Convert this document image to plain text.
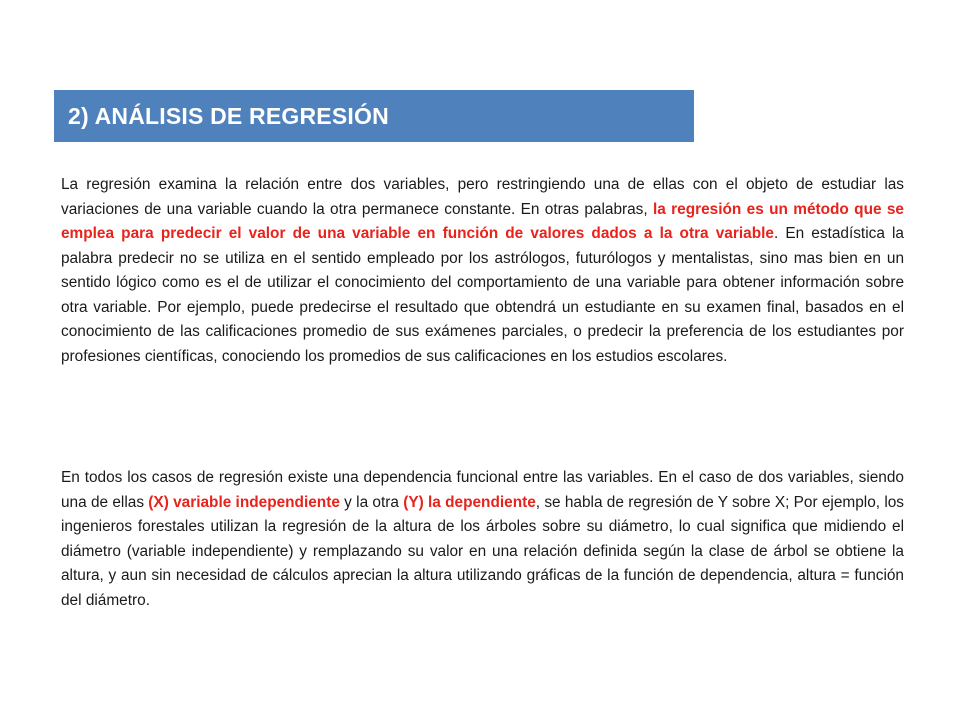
2) ANÁLISIS DE REGRESIÓN

La regresión examina la relación entre dos variables, pero restringiendo una de ellas con el objeto de estudiar las variaciones de una variable cuando la otra permanece constante. En otras palabras, la regresión es un método que se emplea para predecir el valor de una variable en función de valores dados a la otra variable. En estadística la palabra predecir no se utiliza en el sentido empleado por los astrólogos, futurólogos y mentalistas, sino mas bien en un sentido lógico como es el de utilizar el conocimiento del comportamiento de una variable para obtener información sobre otra variable. Por ejemplo, puede predecirse el resultado que obtendrá un estudiante en su examen final, basados en el conocimiento de las calificaciones promedio de sus exámenes parciales, o predecir la preferencia de los estudiantes por profesiones científicas, conociendo los promedios de sus calificaciones en los estudios escolares.

En todos los casos de regresión existe una dependencia funcional entre las variables. En el caso de dos variables, siendo una de ellas (X) variable independiente y la otra (Y) la dependiente, se habla de regresión de Y sobre X; Por ejemplo, los ingenieros forestales utilizan la regresión de la altura de los árboles sobre su diámetro, lo cual significa que midiendo el diámetro (variable independiente) y remplazando su valor en una relación definida según la clase de árbol se obtiene la altura, y aun sin necesidad de cálculos aprecian la altura utilizando gráficas de la función de dependencia, altura = función del diámetro.
